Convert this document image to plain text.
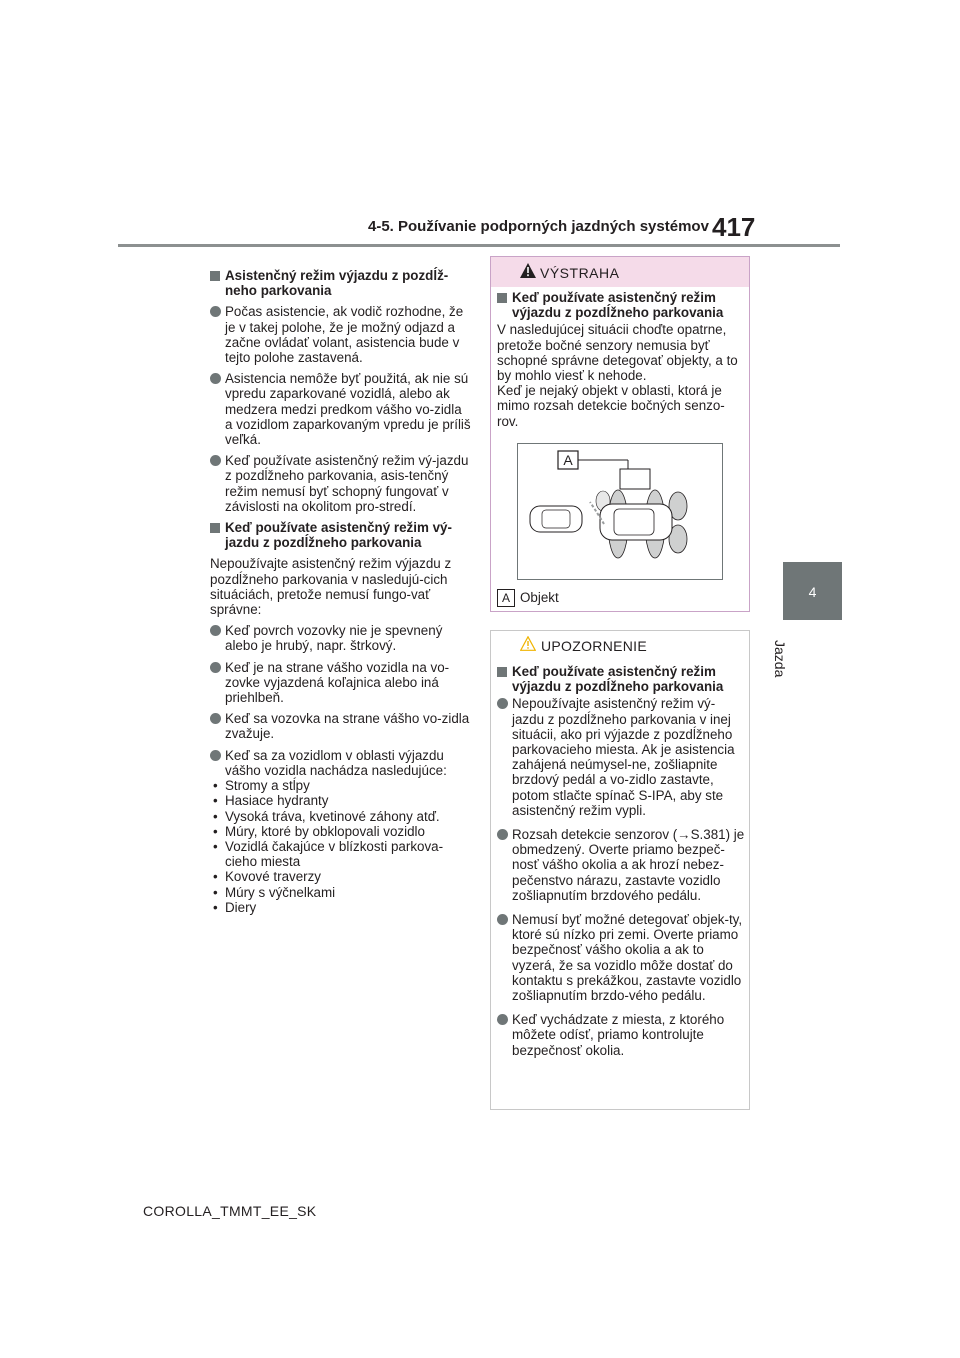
4-5. Používanie podporných jazdných systémov 417
4
Jazda
Asistenčný režim výjazdu z pozdĺž-neho parkovania
Počas asistencie, ak vodič rozhodne, že je v takej polohe, že je možný odjazd a začne ovládať volant, asistencia bude v tejto polohe zastavená.
Asistencia nemôže byť použitá, ak nie sú vpredu zaparkované vozidlá, alebo ak medzera medzi predkom vášho vo-zidla a vozidlom zaparkovaným vpredu je príliš veľká.
Keď používate asistenčný režim vý-jazdu z pozdĺžneho parkovania, asis-tenčný režim nemusí byť schopný fungovať v závislosti na okolitom pro-stredí.
Keď používate asistenčný režim vý-jazdu z pozdĺžneho parkovania
Nepoužívajte asistenčný režim výjazdu z pozdĺžneho parkovania v nasledujú-cich situáciách, pretože nemusí fungo-vať správne:
Keď povrch vozovky nie je spevnený alebo je hrubý, napr. štrkový.
Keď je na strane vášho vozidla na vo-zovke vyjazdená koľajnica alebo iná priehlbeň.
Keď sa vozovka na strane vášho vo-zidla zvažuje.
Keď sa za vozidlom v oblasti výjazdu vášho vozidla nachádza nasledujúce:
• Stromy a stĺpy
• Hasiace hydranty
• Vysoká tráva, kvetinové záhony atď.
• Múry, ktoré by obklopovali vozidlo
• Vozidlá čakajúce v blízkosti parkova-cieho miesta
• Kovové traverzy
• Múry s výčnelkami
• Diery
VÝSTRAHA
Keď používate asistenčný režim výjazdu z pozdĺžneho parkovania
V nasledujúcej situácii choďte opatrne, pretože bočné senzory nemusia byť schopné správne detegovať objekty, a to by mohlo viesť k nehode.
Keď je nejaký objekt v oblasti, ktorá je mimo rozsah detekcie bočných senzo-rov.
A
A Objekt
UPOZORNENIE
Keď používate asistenčný režim výjazdu z pozdĺžneho parkovania
Nepoužívajte asistenčný režim vý-jazdu z pozdĺžneho parkovania v inej situácii, ako pri výjazde z pozdĺžneho parkovacieho miesta. Ak je asistencia zahájená neúmysel-ne, zošliapnite brzdový pedál a vo-zidlo zastavte, potom stlačte spínač S-IPA, aby ste asistenčný režim vypli.
Rozsah detekcie senzorov (→S.381) je obmedzený. Overte priamo bezpeč-nosť vášho okolia a ak hrozí nebez-pečenstvo nárazu, zastavte vozidlo zošliapnutím brzdového pedálu.
Nemusí byť možné detegovať objek-ty, ktoré sú nízko pri zemi. Overte priamo bezpečnosť vášho okolia a ak to vyzerá, že sa vozidlo môže dostať do kontaktu s prekážkou, zastavte vozidlo zošliapnutím brzdo-vého pedálu.
Keď vychádzate z miesta, z ktorého môžete odísť, priamo kontrolujte bezpečnosť okolia.
COROLLA_TMMT_EE_SK
